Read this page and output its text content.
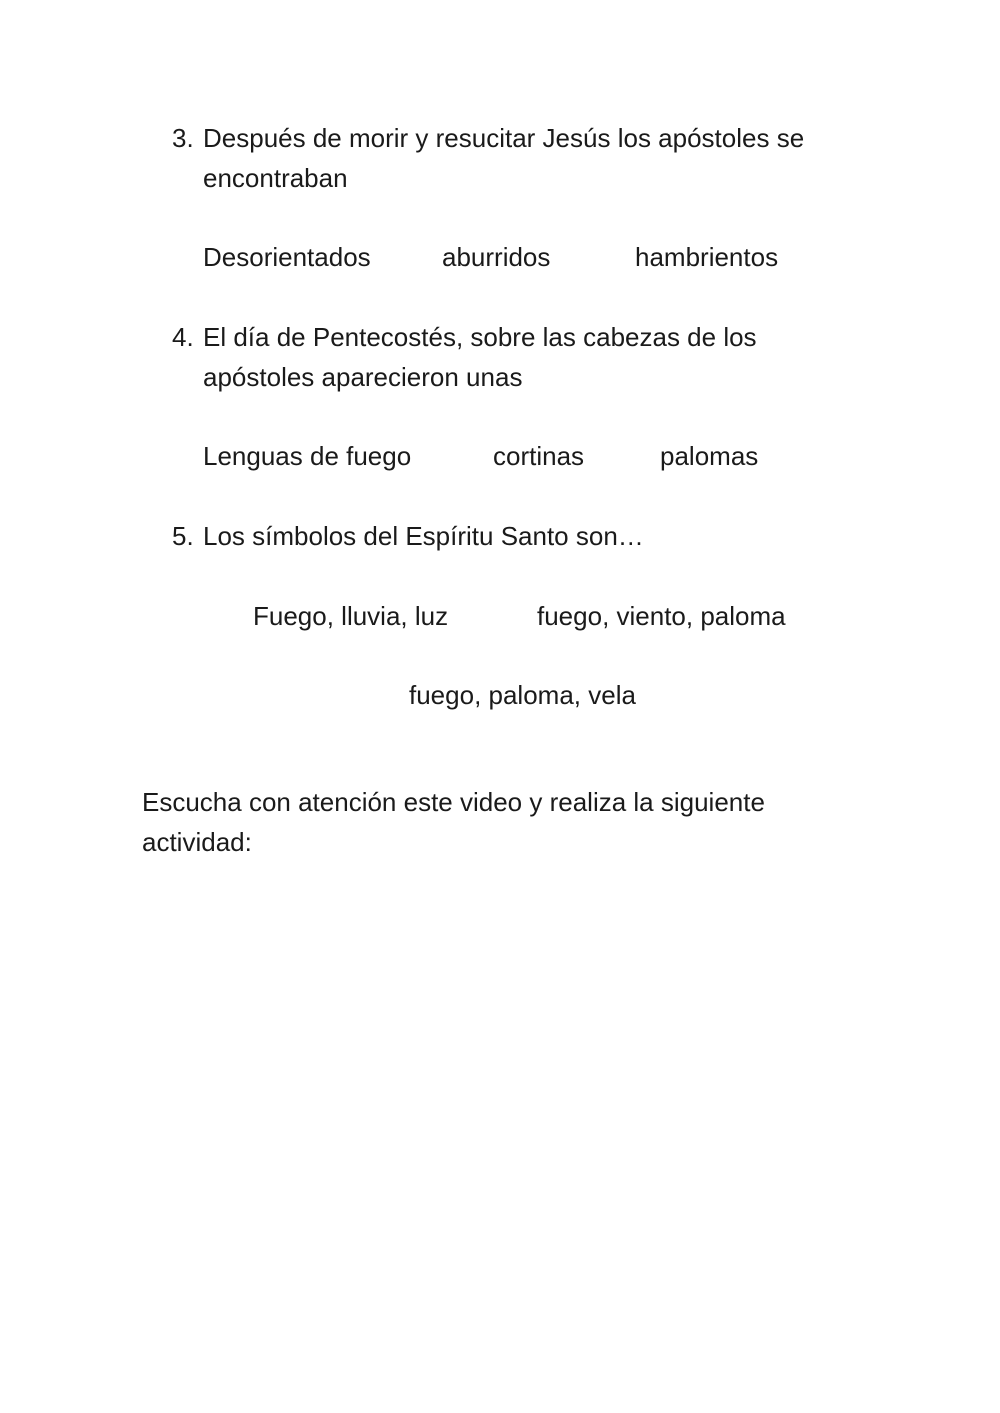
3. Después de morir y resucitar Jesús los apóstoles se encontraban
Desorientados	aburridos	hambrientos
4. El día de Pentecostés, sobre las cabezas de los apóstoles aparecieron unas
Lenguas de fuego	cortinas	palomas
5. Los símbolos del Espíritu Santo son…
Fuego, lluvia, luz	fuego, viento, paloma
fuego, paloma, vela

Escucha con atención este video y realiza la siguiente actividad:
